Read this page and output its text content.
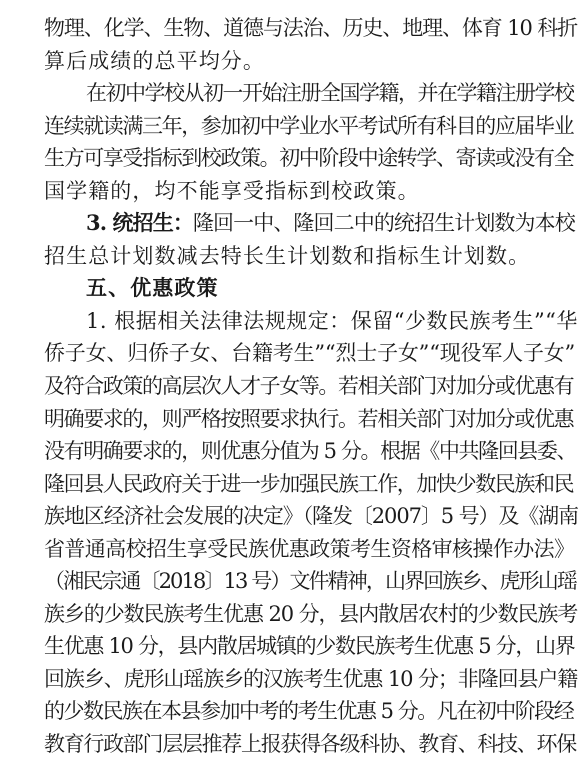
物理、化学、生物、道德与法治、历史、地理、体育 10 科折
算后成绩的总平均分。
在初中学校从初一开始注册全国学籍，并在学籍注册学校
连续就读满三年，参加初中学业水平考试所有科目的应届毕业
生方可享受指标到校政策。初中阶段中途转学、寄读或没有全
国学籍的，均不能享受指标到校政策。
3. 统招生：隆回一中、隆回二中的统招生计划数为本校
招生总计划数减去特长生计划数和指标生计划数。
五、优惠政策
1. 根据相关法律法规规定：保留“少数民族考生”“华
侨子女、归侨子女、台籍考生”“烈士子女”“现役军人子女”
及符合政策的高层次人才子女等。若相关部门对加分或优惠有
明确要求的，则严格按照要求执行。若相关部门对加分或优惠
没有明确要求的，则优惠分值为 5 分。根据《中共隆回县委、
隆回县人民政府关于进一步加强民族工作，加快少数民族和民
族地区经济社会发展的决定》（隆发〔2007〕5 号）及《湖南
省普通高校招生享受民族优惠政策考生资格审核操作办法》
（湘民宗通〔2018〕13 号）文件精神，山界回族乡、虎形山瑶
族乡的少数民族考生优惠 20 分，县内散居农村的少数民族考
生优惠 10 分，县内散居城镇的少数民族考生优惠 5 分，山界
回族乡、虎形山瑶族乡的汉族考生优惠 10 分；非隆回县户籍
的少数民族在本县参加中考的考生优惠 5 分。凡在初中阶段经
教育行政部门层层推荐上报获得各级科协、教育、科技、环保
